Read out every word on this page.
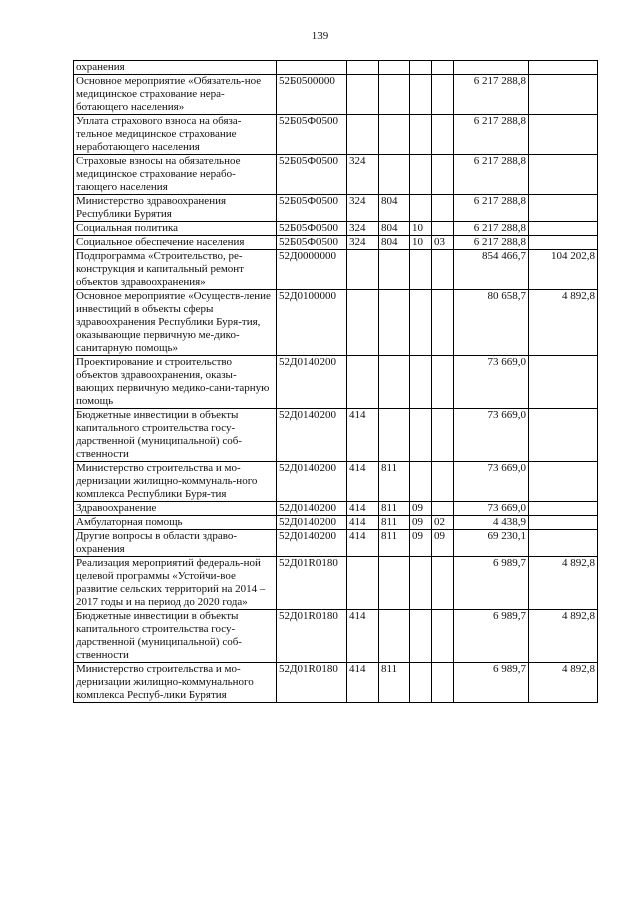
139
охранения							
Основное мероприятие «Обязатель-ное медицинское страхование нера-ботающего населения»	52Б0500000					6 217 288,8	
Уплата страхового взноса на обяза-тельное медицинское страхование неработающего населения	52Б05Ф0500					6 217 288,8	
Страховые взносы на обязательное медицинское страхование нерабо-тающего населения	52Б05Ф0500	324				6 217 288,8	
Министерство здравоохранения Республики Бурятия	52Б05Ф0500	324	804			6 217 288,8	
Социальная политика	52Б05Ф0500	324	804	10		6 217 288,8	
Социальное обеспечение населения	52Б05Ф0500	324	804	10	03	6 217 288,8	
Подпрограмма «Строительство, ре-конструкция и капитальный ремонт объектов здравоохранения»	52Д0000000					854 466,7	104 202,8
Основное мероприятие «Осуществ-ление инвестиций в объекты сферы здравоохранения Республики Буря-тия, оказывающие первичную ме-дико-санитарную помощь»	52Д0100000					80 658,7	4 892,8
Проектирование и строительство объектов здравоохранения, оказы-вающих первичную медико-сани-тарную помощь	52Д0140200					73 669,0	
Бюджетные инвестиции в объекты капитального строительства госу-дарственной (муниципальной) соб-ственности	52Д0140200	414				73 669,0	
Министерство строительства и мо-дернизации жилищно-коммуналь-ного комплекса Республики Буря-тия	52Д0140200	414	811			73 669,0	
Здравоохранение	52Д0140200	414	811	09		73 669,0	
Амбулаторная помощь	52Д0140200	414	811	09	02	4 438,9	
Другие вопросы в области здраво-охранения	52Д0140200	414	811	09	09	69 230,1	
Реализация мероприятий федераль-ной целевой программы «Устойчи-вое развитие сельских территорий на 2014 – 2017 годы и на период до 2020 года»	52Д01R0180					6 989,7	4 892,8
Бюджетные инвестиции в объекты капитального строительства госу-дарственной (муниципальной) соб-ственности	52Д01R0180	414				6 989,7	4 892,8
Министерство строительства и мо-дернизации жилищно-коммунального комплекса Респуб-лики Бурятия	52Д01R0180	414	811			6 989,7	4 892,8
